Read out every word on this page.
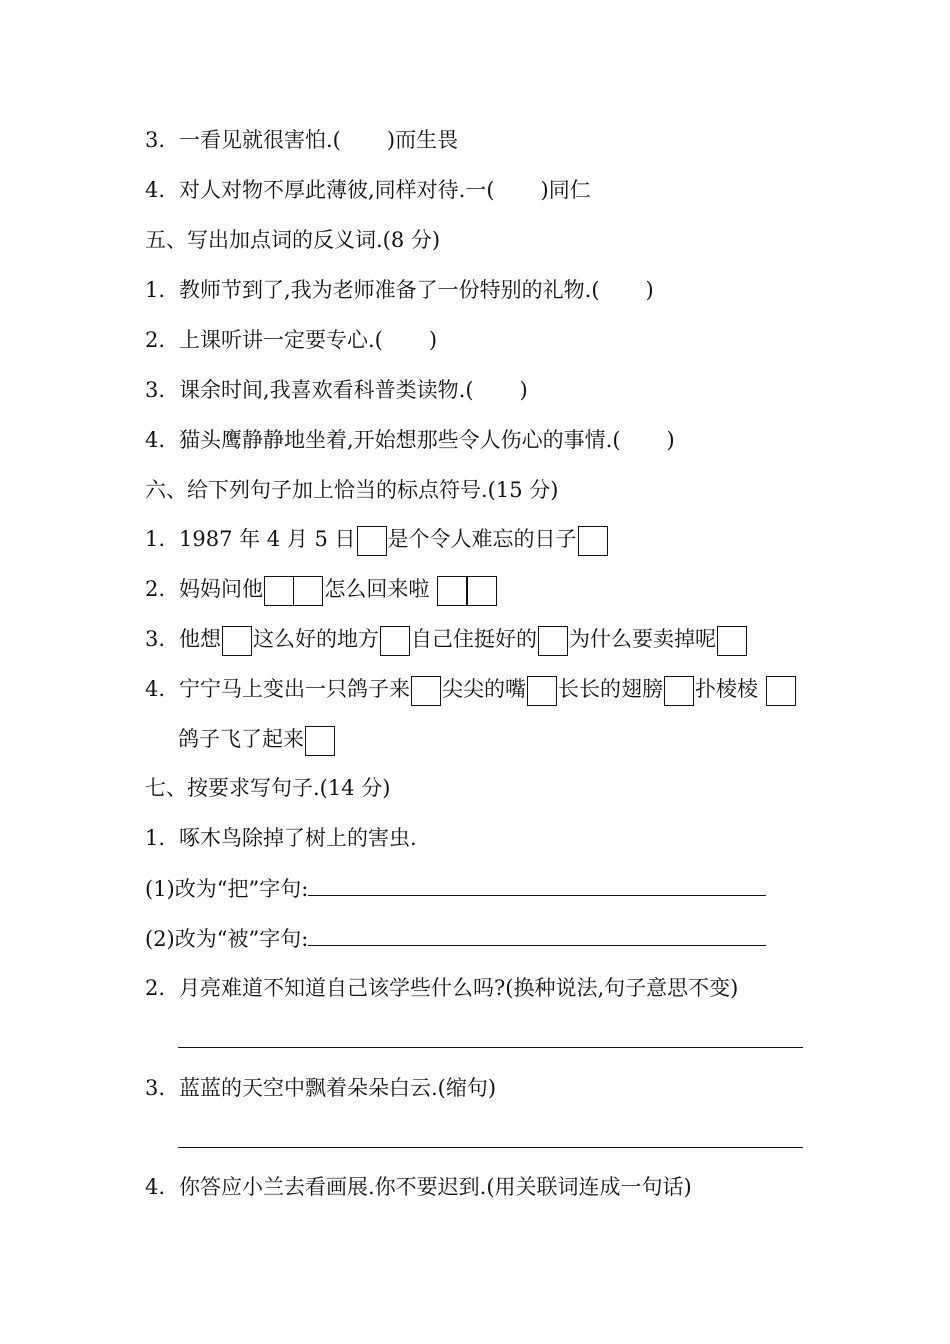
3. 一看见就很害怕.( )而生畏
4. 对人对物不厚此薄彼,同样对待.一( )同仁
五、写出加点词的反义词.(8 分)
1. 教师节到了,我为老师准备了一份特别的礼物.( )
2. 上课听讲一定要专心.( )
3. 课余时间,我喜欢看科普类读物.( )
4. 猫头鹰静静地坐着,开始想那些令人伤心的事情.( )
六、给下列句子加上恰当的标点符号.(15 分)
1. 1987 年 4 月 5 日 是个令人难忘的日子
2. 妈妈问他	怎么回来啦
3. 他想 这么好的地方 自己住挺好的 为什么要卖掉呢
4. 宁宁马上变出一只鸽子来 尖尖的嘴 长长的翅膀 扑棱棱
鸽子飞了起来
七、按要求写句子.(14 分)
1. 啄木鸟除掉了树上的害虫.
(1)改为“把”字句:
(2)改为“被”字句:
2. 月亮难道不知道自己该学些什么吗?(换种说法,句子意思不变)
3. 蓝蓝的天空中飘着朵朵白云.(缩句)
4. 你答应小兰去看画展.你不要迟到.(用关联词连成一句话)
